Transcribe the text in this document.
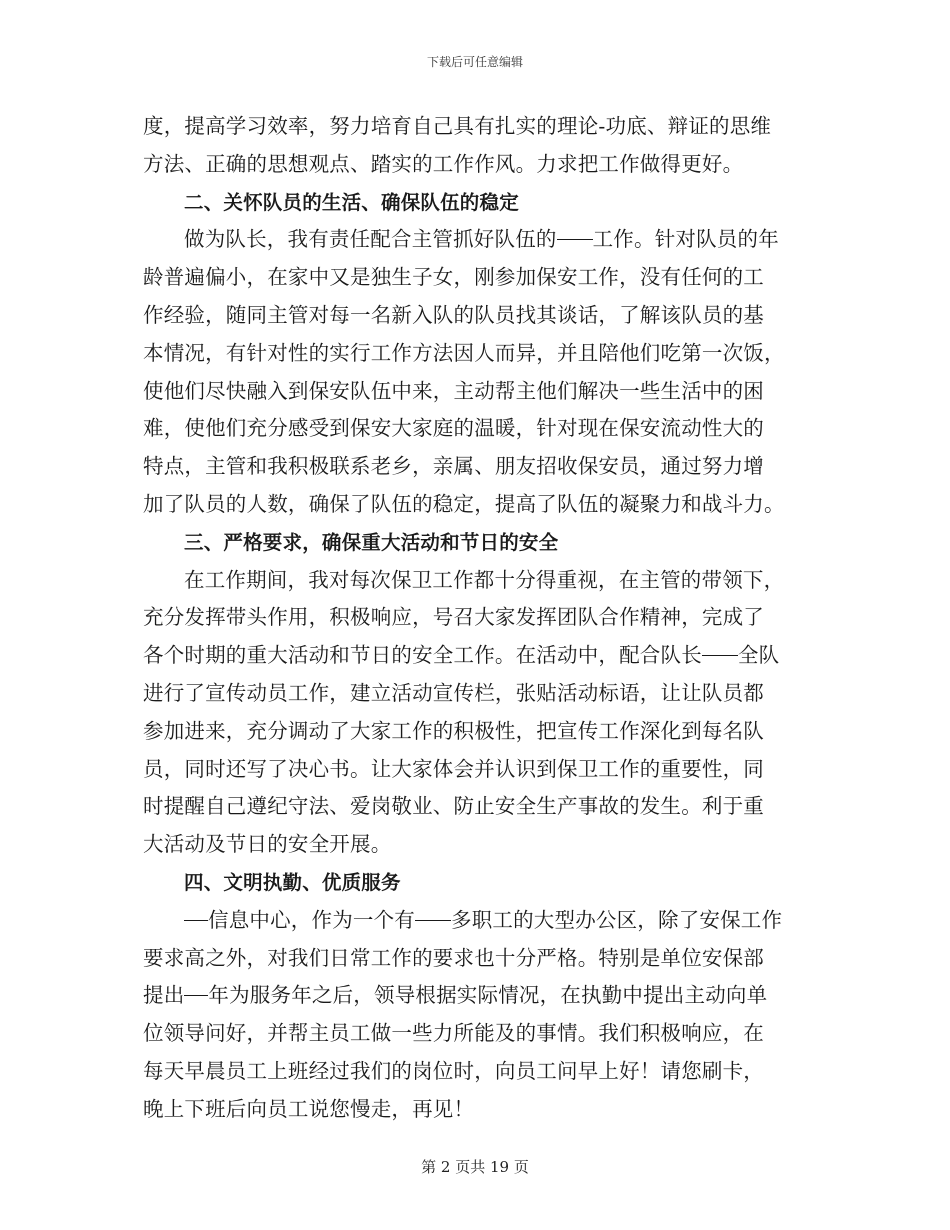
下载后可任意编辑
度，提高学习效率，努力培育自己具有扎实的理论-功底、辩证的思维
方法、正确的思想观点、踏实的工作作风。力求把工作做得更好。
二、关怀队员的生活、确保队伍的稳定
做为队长，我有责任配合主管抓好队伍的 工作。针对队员的年
龄普遍偏小，在家中又是独生子女，刚参加保安工作，没有任何的工
作经验，随同主管对每一名新入队的队员找其谈话，了解该队员的基
本情况，有针对性的实行工作方法因人而异，并且陪他们吃第一次饭，
使他们尽快融入到保安队伍中来，主动帮主他们解决一些生活中的困
难，使他们充分感受到保安大家庭的温暖，针对现在保安流动性大的
特点，主管和我积极联系老乡，亲属、朋友招收保安员，通过努力增
加了队员的人数，确保了队伍的稳定，提高了队伍的凝聚力和战斗力。
三、严格要求，确保重大活动和节日的安全
在工作期间，我对每次保卫工作都十分得重视，在主管的带领下，
充分发挥带头作用，积极响应，号召大家发挥团队合作精神，完成了
各个时期的重大活动和节日的安全工作。在活动中，配合队长 全队
进行了宣传动员工作，建立活动宣传栏，张贴活动标语，让让队员都
参加进来，充分调动了大家工作的积极性，把宣传工作深化到每名队
员，同时还写了决心书。让大家体会并认识到保卫工作的重要性，同
时提醒自己遵纪守法、爱岗敬业、防止安全生产事故的发生。利于重
大活动及节日的安全开展。
四、文明执勤、优质服务
信息中心，作为一个有 多职工的大型办公区，除了安保工作
要求高之外，对我们日常工作的要求也十分严格。特别是单位安保部
提出 年为服务年之后，领导根据实际情况，在执勤中提出主动向单
位领导问好，并帮主员工做一些力所能及的事情。我们积极响应，在
每天早晨员工上班经过我们的岗位时，向员工问早上好！请您刷卡，
晚上下班后向员工说您慢走，再见！
第 2 页共 19 页
